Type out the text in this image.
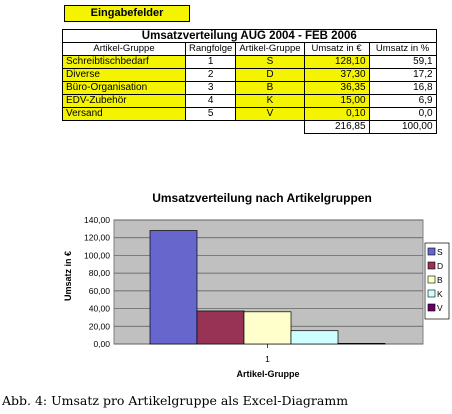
Eingabefelder
Umsatzverteilung AUG 2004 - FEB 2006				
Artikel-Gruppe	Rangfolge	Artikel-Gruppe	Umsatz in €	Umsatz in %
Schreibtischbedarf	1	S	128,10	59,1
Diverse	2	D	37,30	17,2
Büro-Organisation	3	B	36,35	16,8
EDV-Zubehör	4	K	15,00	6,9
Versand	5	V	0,10	0,0
			216,85	100,00
Umsatzverteilung nach Artikelgruppen
0,00
20,00
40,00
60,00
80,00
100,00
120,00
140,00
1
S
D
B
K
V
Artikel-Gruppe
Umsatz in €
Abb. 4: Umsatz pro Artikelgruppe als Excel-Diagramm
